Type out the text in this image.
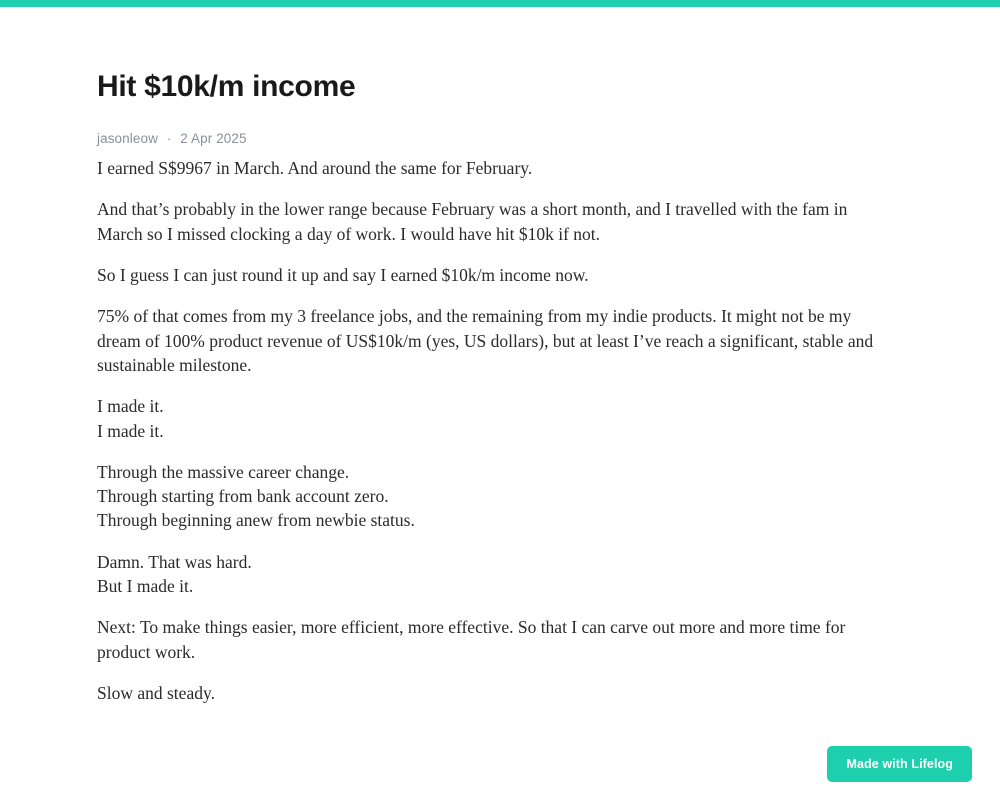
Hit $10k/m income
jasonleow · 2 Apr 2025

I earned S$9967 in March. And around the same for February.

And that’s probably in the lower range because February was a short month, and I travelled with the fam in March so I missed clocking a day of work. I would have hit $10k if not.

So I guess I can just round it up and say I earned $10k/m income now.

75% of that comes from my 3 freelance jobs, and the remaining from my indie products. It might not be my dream of 100% product revenue of US$10k/m (yes, US dollars), but at least I’ve reach a significant, stable and sustainable milestone.

I made it.

I made it.

Through the massive career change.

Through starting from bank account zero.

Through beginning anew from newbie status.

Damn. That was hard.

But I made it.

Next: To make things easier, more efficient, more effective. So that I can carve out more and more time for product work.

Slow and steady.

Made with Lifelog
